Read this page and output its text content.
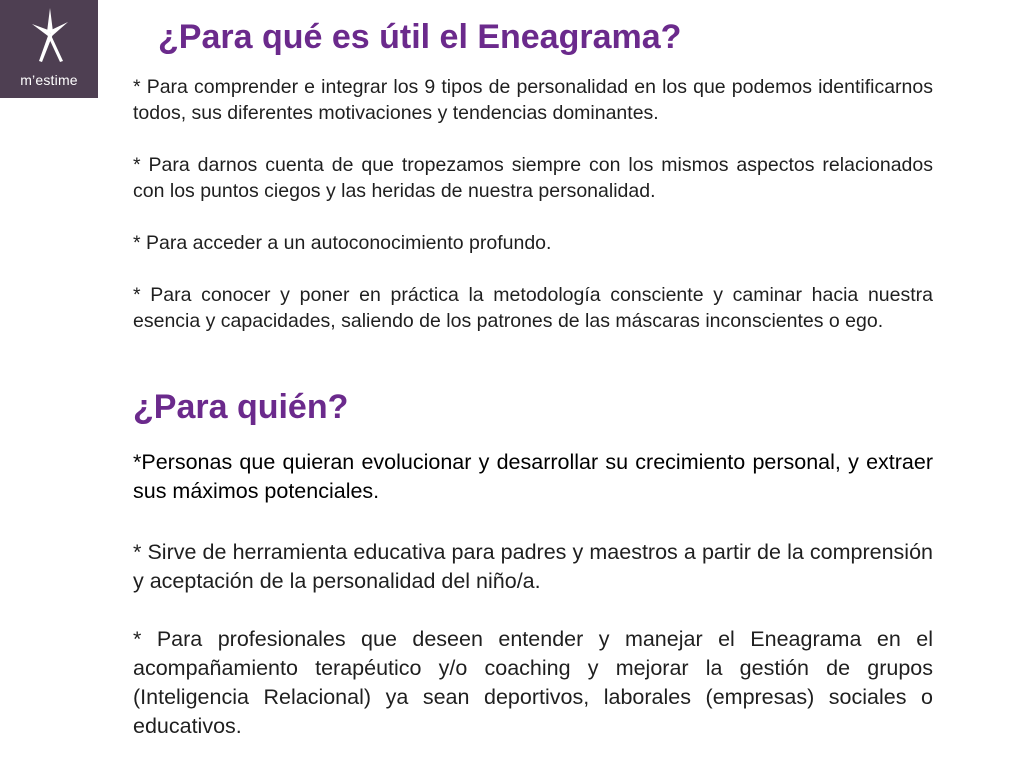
m’estime
¿Para qué es útil el Eneagrama?

* Para comprender e integrar los 9 tipos de personalidad en los que podemos identificarnos todos, sus diferentes motivaciones y tendencias dominantes.

* Para darnos cuenta de que tropezamos siempre con los mismos aspectos relacionados con los puntos ciegos y las heridas de nuestra personalidad.

* Para acceder a un autoconocimiento profundo.

* Para conocer y poner en práctica la metodología consciente y caminar hacia nuestra esencia y capacidades, saliendo de los patrones de las máscaras inconscientes o ego.

¿Para quién?

*Personas que quieran evolucionar y desarrollar su crecimiento personal, y extraer sus máximos potenciales.

* Sirve de herramienta educativa para padres y maestros a partir de la comprensión y aceptación de la personalidad del niño/a.

* Para profesionales que deseen entender y manejar el Eneagrama en el acompañamiento terapéutico y/o coaching y mejorar la gestión de grupos (Inteligencia Relacional) ya sean deportivos, laborales (empresas) sociales o educativos.
